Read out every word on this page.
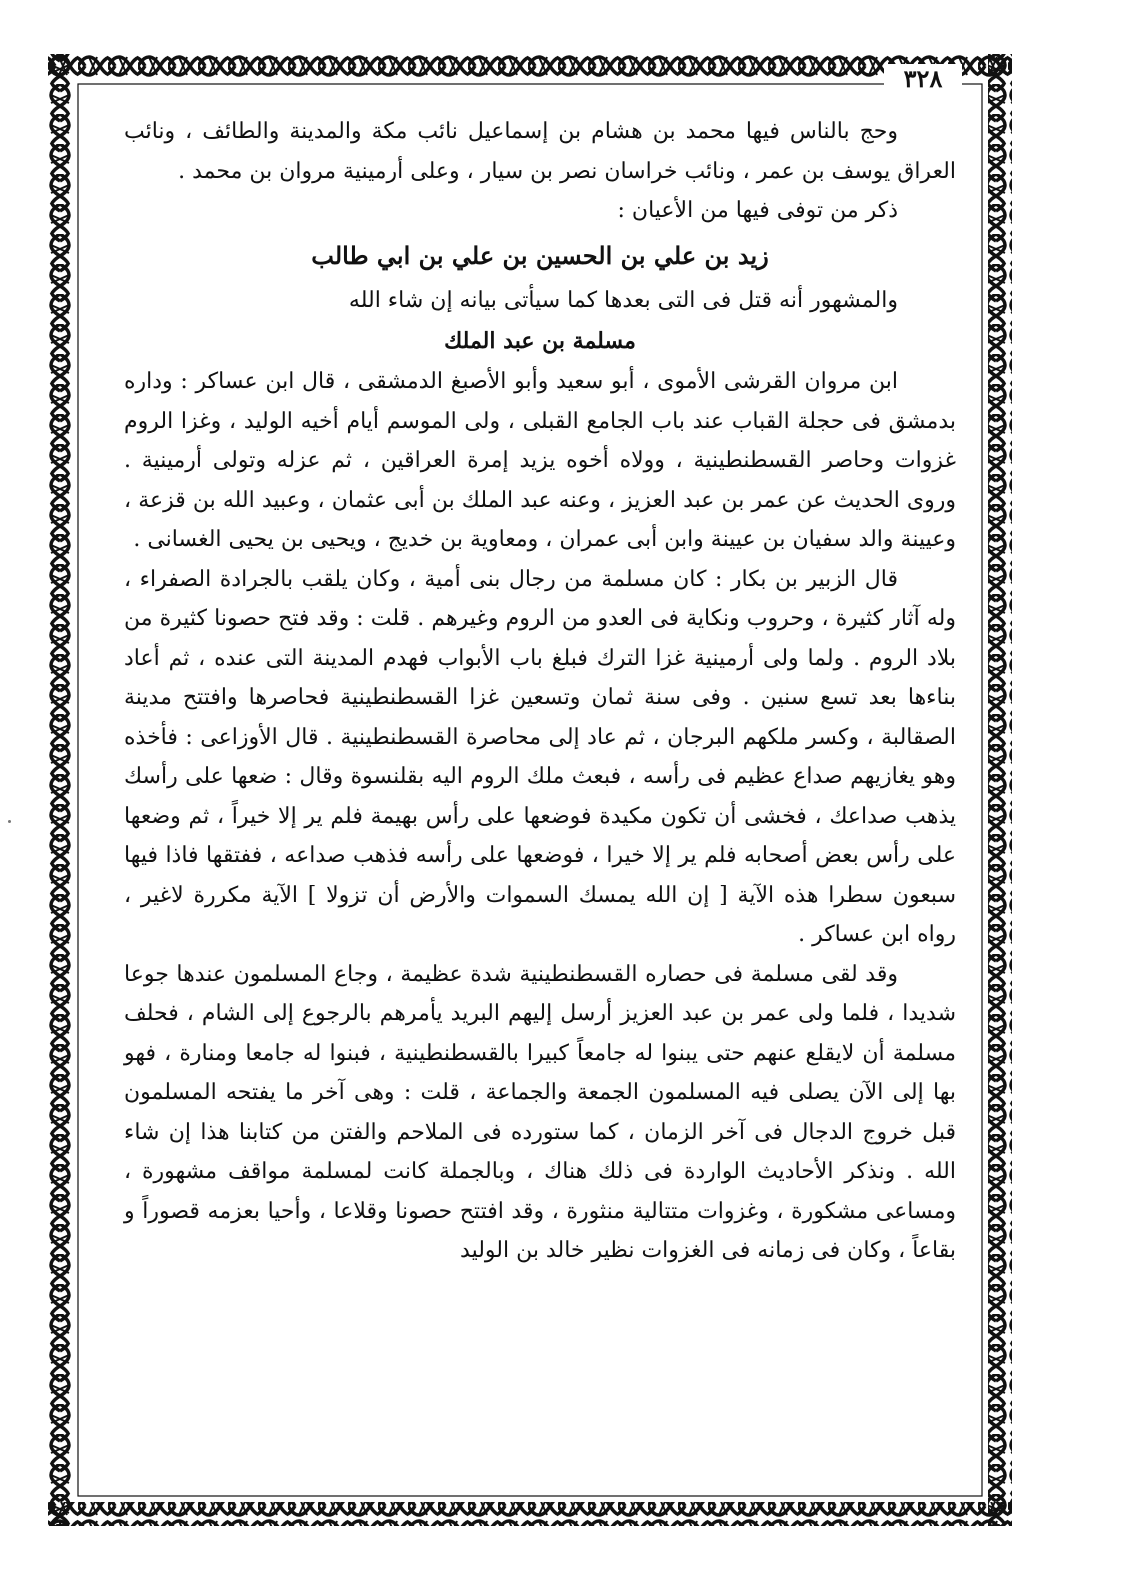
٣٢٨

وحج بالناس فيها محمد بن هشام بن إسماعيل نائب مكة والمدينة والطائف ، ونائب العراق يوسف بن عمر ، ونائب خراسان نصر بن سيار ، وعلى أرمينية مروان بن محمد .

ذكر من توفى فيها من الأعيان :

زيد بن علي بن الحسين بن علي بن ابي طالب

والمشهور أنه قتل فى التى بعدها كما سيأتى بيانه إن شاء الله

مسلمة بن عبد الملك

ابن مروان القرشى الأموى ، أبو سعيد وأبو الأصبغ الدمشقى ، قال ابن عساكر : وداره بدمشق فى حجلة القباب عند باب الجامع القبلى ، ولى الموسم أيام أخيه الوليد ، وغزا الروم غزوات وحاصر القسطنطينية ، وولاه أخوه يزيد إمرة العراقين ، ثم عزله وتولى أرمينية . وروى الحديث عن عمر بن عبد العزيز ، وعنه عبد الملك بن أبى عثمان ، وعبيد الله بن قزعة ، وعيينة والد سفيان بن عيينة وابن أبى عمران ، ومعاوية بن خديج ، ويحيى بن يحيى الغسانى .

قال الزبير بن بكار : كان مسلمة من رجال بنى أمية ، وكان يلقب بالجرادة الصفراء ، وله آثار كثيرة ، وحروب ونكاية فى العدو من الروم وغيرهم . قلت : وقد فتح حصونا كثيرة من بلاد الروم . ولما ولى أرمينية غزا الترك فبلغ باب الأبواب فهدم المدينة التى عنده ، ثم أعاد بناءها بعد تسع سنين . وفى سنة ثمان وتسعين غزا القسطنطينية فحاصرها وافتتح مدينة الصقالبة ، وكسر ملكهم البرجان ، ثم عاد إلى محاصرة القسطنطينية . قال الأوزاعى : فأخذه وهو يغازيهم صداع عظيم فى رأسه ، فبعث ملك الروم اليه بقلنسوة وقال : ضعها على رأسك يذهب صداعك ، فخشى أن تكون مكيدة فوضعها على رأس بهيمة فلم ير إلا خيراً ، ثم وضعها على رأس بعض أصحابه فلم ير إلا خيرا ، فوضعها على رأسه فذهب صداعه ، ففتقها فاذا فيها سبعون سطرا هذه الآية [ إن الله يمسك السموات والأرض أن تزولا ] الآية مكررة لاغير ، رواه ابن عساكر .

وقد لقى مسلمة فى حصاره القسطنطينية شدة عظيمة ، وجاع المسلمون عندها جوعا شديدا ، فلما ولى عمر بن عبد العزيز أرسل إليهم البريد يأمرهم بالرجوع إلى الشام ، فحلف مسلمة أن لايقلع عنهم حتى يبنوا له جامعاً كبيرا بالقسطنطينية ، فبنوا له جامعا ومنارة ، فهو بها إلى الآن يصلى فيه المسلمون الجمعة والجماعة ، قلت : وهى آخر ما يفتحه المسلمون قبل خروج الدجال فى آخر الزمان ، كما ستورده فى الملاحم والفتن من كتابنا هذا إن شاء الله . ونذكر الأحاديث الواردة فى ذلك هناك ، وبالجملة كانت لمسلمة مواقف مشهورة ، ومساعى مشكورة ، وغزوات متتالية منثورة ، وقد افتتح حصونا وقلاعا ، وأحيا بعزمه قصوراً و بقاعاً ، وكان فى زمانه فى الغزوات نظير خالد بن الوليد
